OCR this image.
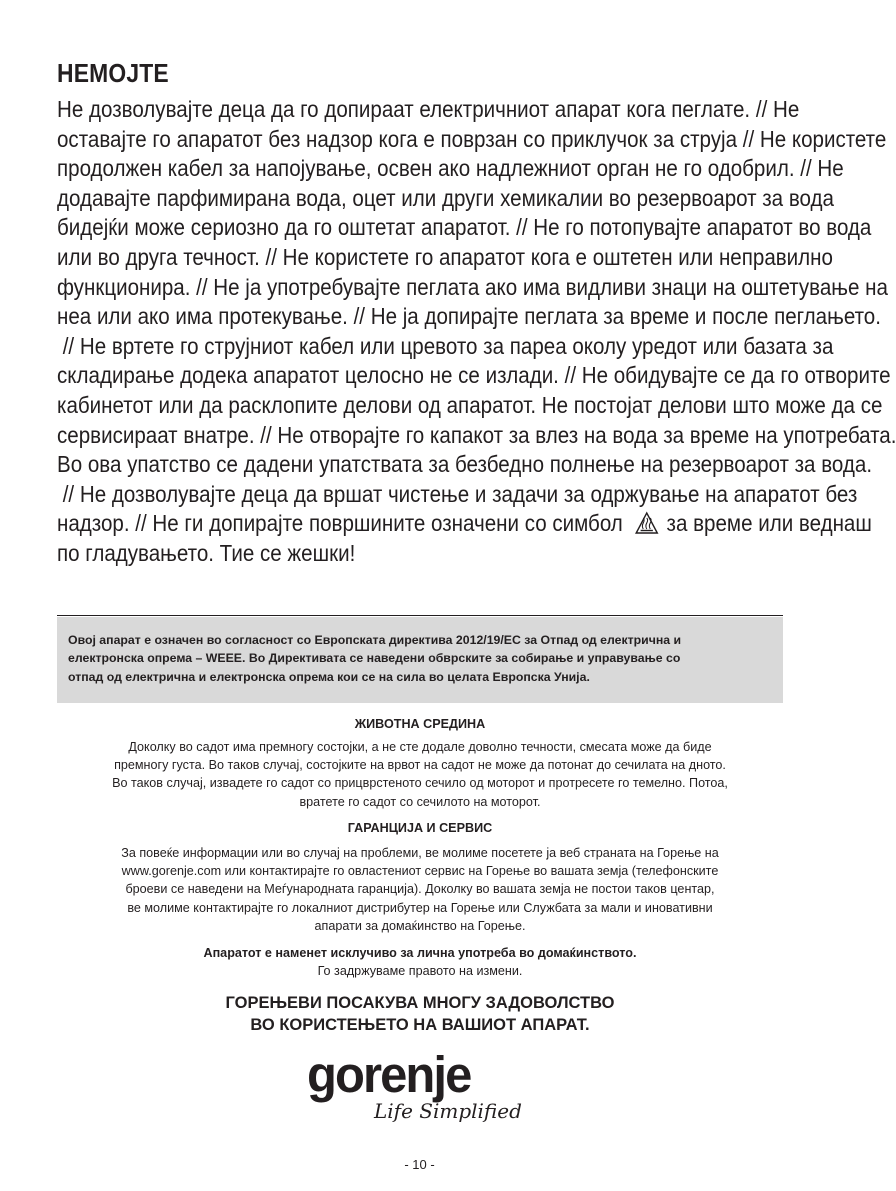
НЕМОЈТЕ
Не дозволувајте деца да го допираат електричниот апарат кога пеглате. // Не
оставајте го апаратот без надзор кога е поврзан со приклучок за струја // Не користете
продолжен кабел за напојување, освен ако надлежниот орган не го одобрил. // Не
додавајте парфимирана вода, оцет или други хемикалии во резервоарот за вода
бидејќи може сериозно да го оштетат апаратот. // Не го потопувајте апаратот во вода
или во друга течност. // Не користете го апаратот кога е оштетен или неправилно
функционира. // Не ја употребувајте пеглата ако има видливи знаци на оштетување на
неа или ако има протекување. // Не ја допирајте пеглата за време и после пеглањето.
// Не вртете го струјниот кабел или цревото за пареа околу уредот или базата за
складирање додека апаратот целосно не се излади. // Не обидувајте се да го отворите
кабинетот или да расклопите делови од апаратот. Не постојат делови што може да се
сервисираат внатре. // Не отворајте го капакот за влез на вода за време на употребата.
Во ова упатство се дадени упатствата за безбедно полнење на резервоарот за вода.
// Не дозволувајте деца да вршат чистење и задачи за одржување на апаратот без
надзор. // Не ги допирајте површините означени со симбол за време или веднаш
по гладувањето. Тие се жешки!
Овој апарат е означен во согласност со Европската директива 2012/19/EC за Отпад од електрична и
електронска опрема – WEEE. Во Директивата се наведени обврските за собирање и управување со
отпад од електрична и електронска опрема кои се на сила во целата Европска Унија.
ЖИВОТНА СРЕДИНА
Доколку во садот има премногу состојки, а не сте додале доволно течности, смесата може да биде
премногу густа. Во таков случај, состојките на врвот на садот не може да потонат до сечилата на дното.
Во таков случај, извадете го садот со прицврстеното сечило од моторот и протресете го темелно. Потоа,
вратете го садот со сечилото на моторот.
ГАРАНЦИЈА И СЕРВИС
За повеќе информации или во случај на проблеми, ве молиме посетете ја веб страната на Горење на
www.gorenje.com или контактирајте го овластениот сервис на Горење во вашата земја (телефонските
броеви се наведени на Меѓународната гаранција). Доколку во вашата земја не постои таков центар,
ве молиме контактирајте го локалниот дистрибутер на Горење или Службата за мали и иновативни
апарати за домаќинство на Горење.
Апаратот е наменет исклучиво за лична употреба во домаќинството.
Го задржуваме правото на измени.
ГОРЕЊЕВИ ПОСАКУВА МНОГУ ЗАДОВОЛСТВО
ВО КОРИСТЕЊЕТО НА ВАШИОТ АПАРАТ.
gorenje
Life Simplified
- 10 -
